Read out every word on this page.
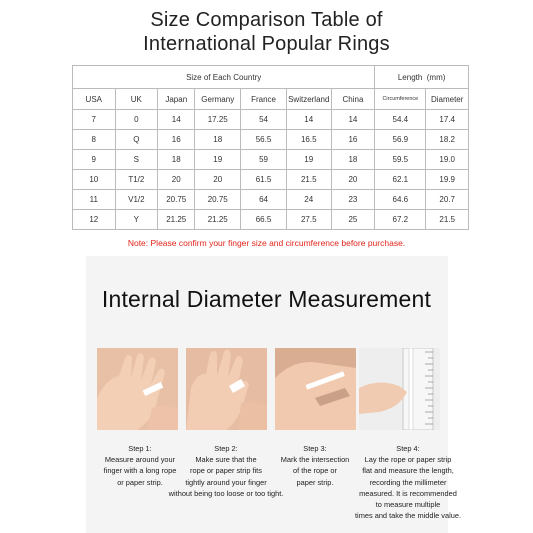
Size Comparison Table of
International Popular Rings
Size of Each Country							Length  (mm)	
USA	UK	Japan	Germany	France	Switzerland	China	Circumference	Diameter
7	0	14	17.25	54	14	14	54.4	17.4
8	Q	16	18	56.5	16.5	16	56.9	18.2
9	S	18	19	59	19	18	59.5	19.0
10	T1/2	20	20	61.5	21.5	20	62.1	19.9
11	V1/2	20.75	20.75	64	24	23	64.6	20.7
12	Y	21.25	21.25	66.5	27.5	25	67.2	21.5
Note: Please confirm your finger size and circumference before purchase.
Internal Diameter Measurement
Step 1:
Measure around your
finger with a long rope
or paper strip.
Step 2:
Make sure that the
rope or paper strip fits
tightly around your finger
without being too loose or too tight.
Step 3:
Mark the intersection
of the rope or
paper strip.
Step 4:
Lay the rope or paper strip
flat and measure the length,
recording the millimeter
measured. It is recommended
to measure multiple
times and take the middle value.
